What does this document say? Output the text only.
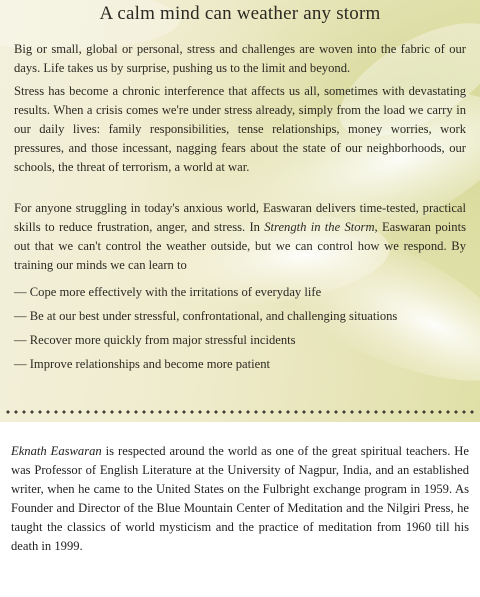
A calm mind can weather any storm
Big or small, global or personal, stress and challenges are woven into the fabric of our days. Life takes us by surprise, pushing us to the limit and beyond.
Stress has become a chronic interference that affects us all, sometimes with devastating results. When a crisis comes we're under stress already, simply from the load we carry in our daily lives: family responsibilities, tense relationships, money worries, work pressures, and those incessant, nagging fears about the state of our neighborhoods, our schools, the threat of terrorism, a world at war.
For anyone struggling in today's anxious world, Easwaran delivers time-tested, practical skills to reduce frustration, anger, and stress. In Strength in the Storm, Easwaran points out that we can't control the weather outside, but we can control how we respond. By training our minds we can learn to
— Cope more effectively with the irritations of everyday life
— Be at our best under stressful, confrontational, and challenging situations
— Recover more quickly from major stressful incidents
— Improve relationships and become more patient
Eknath Easwaran is respected around the world as one of the great spiritual teachers. He was Professor of English Literature at the University of Nagpur, India, and an established writer, when he came to the United States on the Fulbright exchange program in 1959. As Founder and Director of the Blue Mountain Center of Meditation and the Nilgiri Press, he taught the classics of world mysticism and the practice of meditation from 1960 till his death in 1999.
